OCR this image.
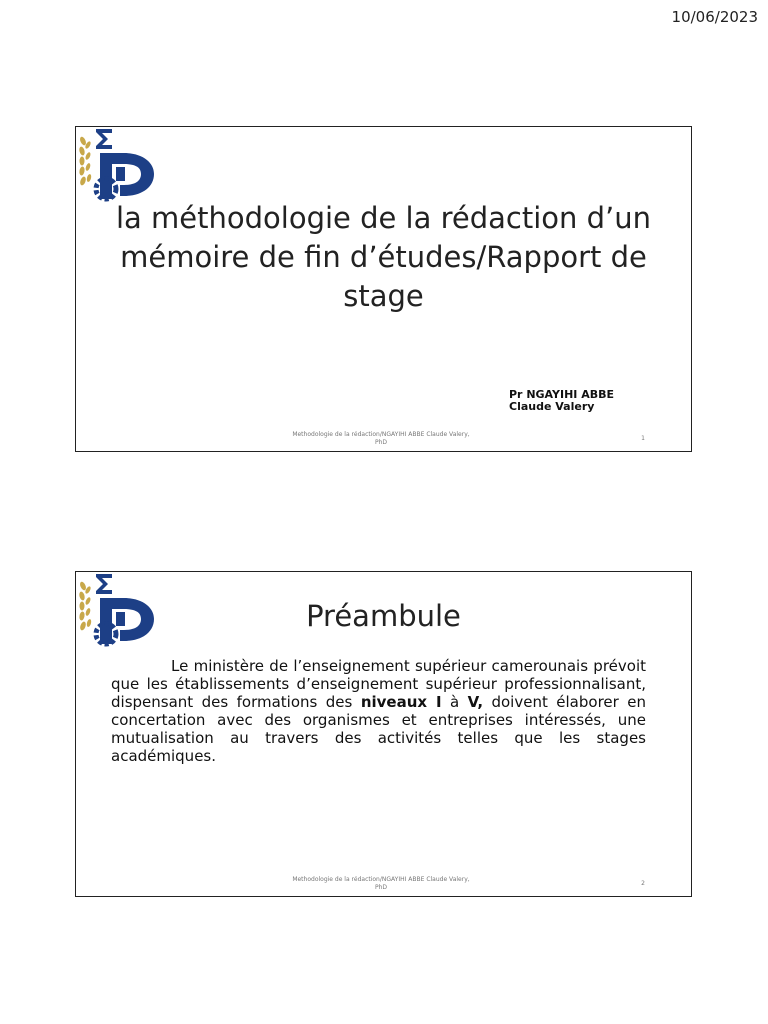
10/06/2023
la méthodologie de la rédaction d’un mémoire de fin d’études/Rapport de stage
Pr NGAYIHI ABBE
Claude Valery
Methodologie de la rédaction/NGAYIHI ABBE Claude Valery,
PhD
1
Préambule
Le ministère de l’enseignement supérieur camerounais prévoit que les établissements d’enseignement supérieur professionnalisant, dispensant des formations des niveaux I à V, doivent élaborer en concertation avec des organismes et entreprises intéressés, une mutualisation au travers des activités telles que les stages académiques.
Methodologie de la rédaction/NGAYIHI ABBE Claude Valery,
PhD
2
